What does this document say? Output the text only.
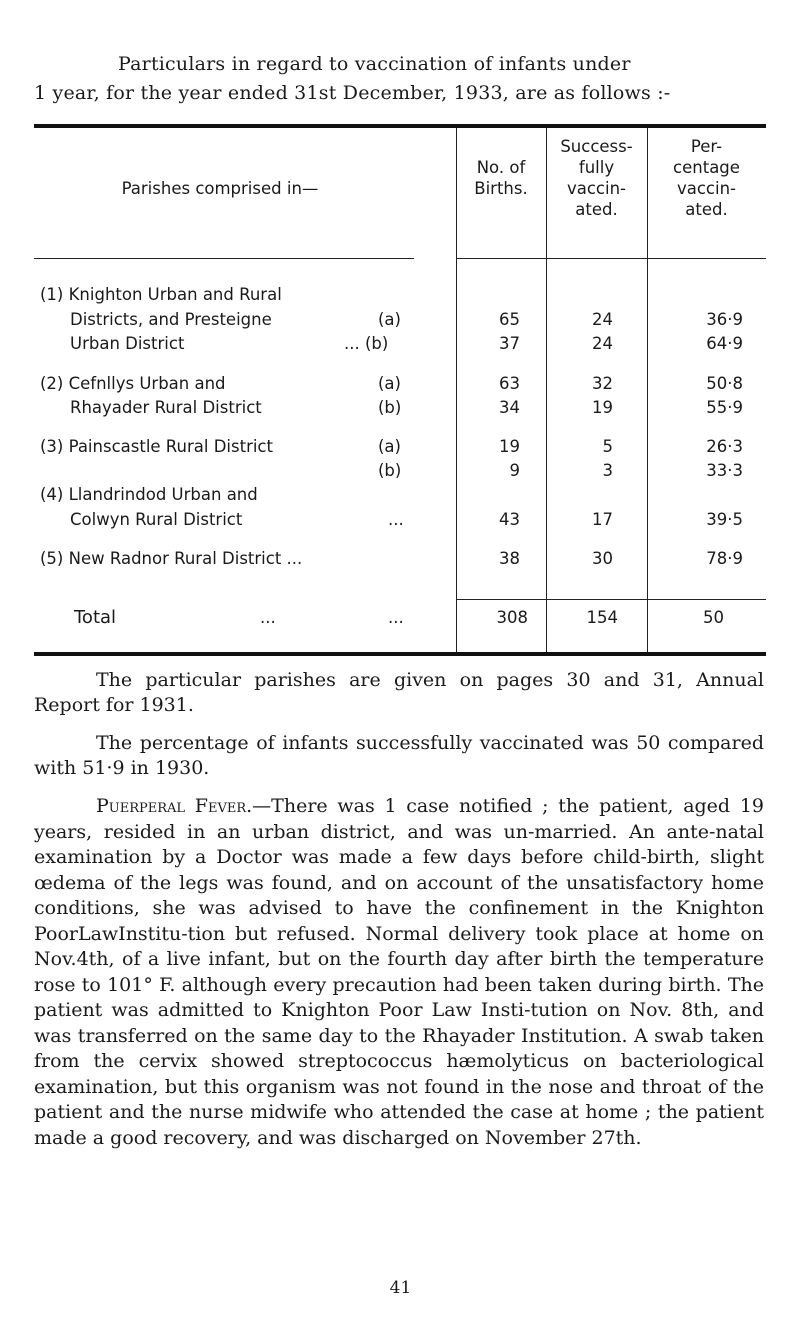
Particulars in regard to vaccination of infants under
1 year, for the year ended 31st December, 1933, are as follows :-
Parishes comprised in—
No. of
Births.
Success-
fully
vaccin-
ated.
Per-
centage
vaccin-
ated.
(1) Knighton Urban and Rural
Districts, and Presteigne	(a)	65	24	36·9
Urban District	... (b)	37	24	64·9
(2) Cefnllys Urban and	(a)	63	32	50·8
Rhayader Rural District	(b)	34	19	55·9
(3) Painscastle Rural District	(a)	19	5	26·3
(b)	9	3	33·3
(4) Llandrindod Urban and
Colwyn Rural District	...	43	17	39·5
(5) New Radnor Rural District ...	38	30	78·9
Total	...	...	308	154	50
The particular parishes are given on pages 30 and 31, Annual Report for 1931.
The percentage of infants successfully vaccinated was 50 compared with 51·9 in 1930.
Puerperal Fever.—There was 1 case notified ; the patient, aged 19 years, resided in an urban district, and was un-married. An ante-natal examination by a Doctor was made a few days before child-birth, slight œdema of the legs was found, and on account of the unsatisfactory home conditions, she was advised to have the confinement in the Knighton PoorLawInstitu-tion but refused. Normal delivery took place at home on Nov.4th, of a live infant, but on the fourth day after birth the temperature rose to 101° F. although every precaution had been taken during birth. The patient was admitted to Knighton Poor Law Insti-tution on Nov. 8th, and was transferred on the same day to the Rhayader Institution. A swab taken from the cervix showed streptococcus hæmolyticus on bacteriological examination, but this organism was not found in the nose and throat of the patient and the nurse midwife who attended the case at home ; the patient made a good recovery, and was discharged on November 27th.
41
